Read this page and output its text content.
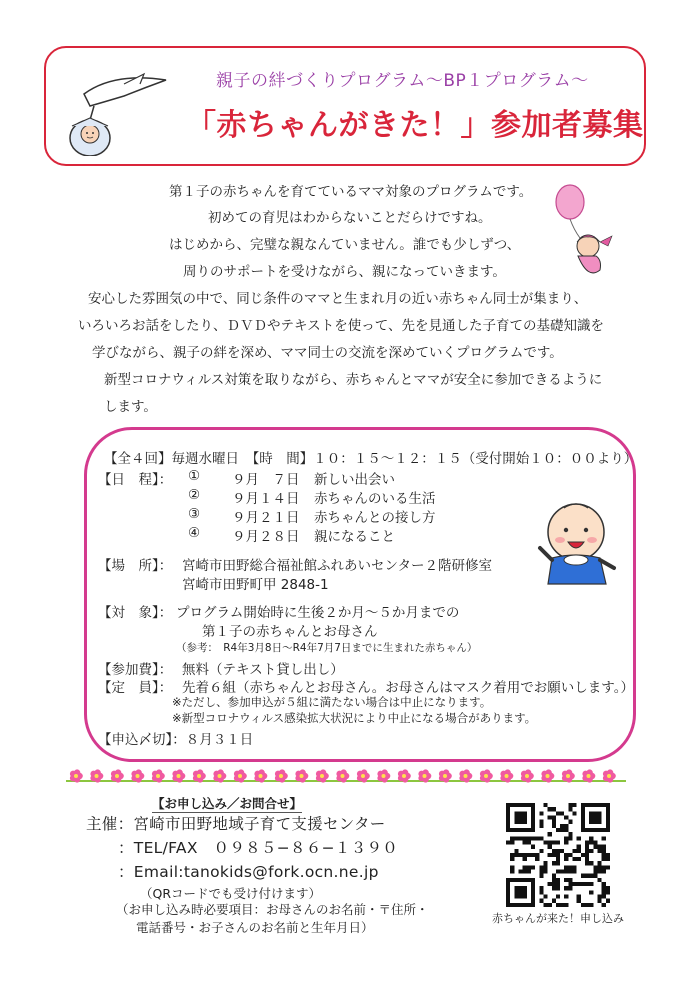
親子の絆づくりプログラム〜BP１プログラム〜
「赤ちゃんがきた！」参加者募集
第１子の赤ちゃんを育てているママ対象のプログラムです。
初めての育児はわからないことだらけですね。
はじめから、完璧な親なんていません。誰でも少しずつ、
周りのサポートを受けながら、親になっていきます。
安心した雰囲気の中で、同じ条件のママと生まれ月の近い赤ちゃん同士が集まり、
いろいろお話をしたり、ＤＶＤやテキストを使って、先を見通した子育ての基礎知識を
学びながら、親子の絆を深め、ママ同士の交流を深めていくプログラムです。
新型コロナウィルス対策を取りながら、赤ちゃんとママが安全に参加できるように
します。
【全４回】毎週水曜日　【時　間】１０：１５〜１２：１５（受付開始１０：００より）
【日　程】： ① ９月　７日 新しい出会い
② ９月１４日 赤ちゃんのいる生活
③ ９月２１日 赤ちゃんとの接し方
④ ９月２８日 親になること
【場　所】： 宮崎市田野総合福祉館ふれあいセンター２階研修室
宮崎市田野町甲 2848-1
【対　象】： プログラム開始時に生後２か月〜５か月までの
第１子の赤ちゃんとお母さん
（参考：　R4年3月8日〜R4年7月7日までに生まれた赤ちゃん）
【参加費】： 無料（テキスト貸し出し）
【定　員】： 先着６組（赤ちゃんとお母さん。お母さんはマスク着用でお願いします。）
※ただし、参加申込が５組に満たない場合は中止になります。
※新型コロナウィルス感染拡大状況により中止になる場合があります。
【申込〆切】：８月３１日
【お申し込み／お問合せ】
主催：宮崎市田野地域子育て支援センター
：TEL/FAX　０９８５−８６−１３９０
：Email:tanokids@fork.ocn.ne.jp
（QRコードでも受け付けます）
（お申し込み時必要項目：お母さんのお名前・〒住所・
電話番号・お子さんのお名前と生年月日）
赤ちゃんが来た！申し込み
